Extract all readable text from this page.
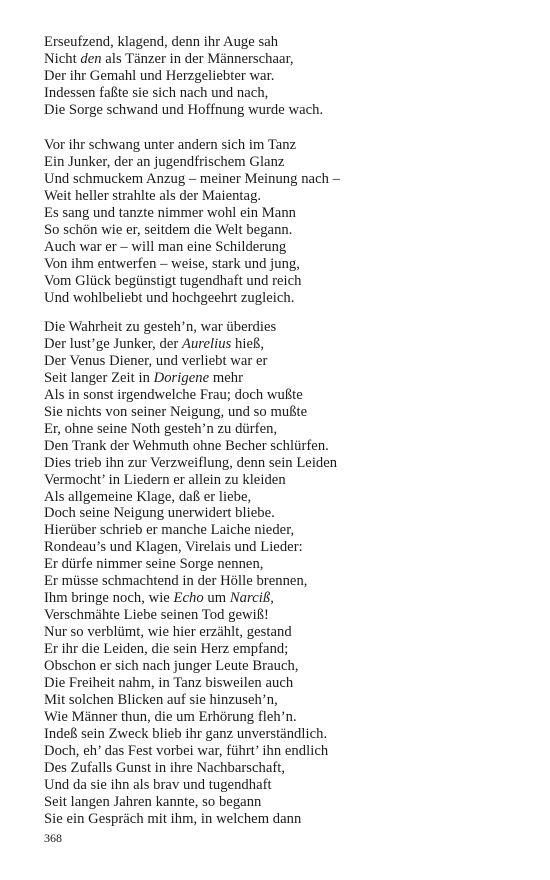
Erseufzend, klagend, denn ihr Auge sah
Nicht den als Tänzer in der Männerschaar,
Der ihr Gemahl und Herzgeliebter war.
Indessen faßte sie sich nach und nach,
Die Sorge schwand und Hoffnung wurde wach.
Vor ihr schwang unter andern sich im Tanz
Ein Junker, der an jugendfrischem Glanz
Und schmuckem Anzug – meiner Meinung nach –
Weit heller strahlte als der Maientag.
Es sang und tanzte nimmer wohl ein Mann
So schön wie er, seitdem die Welt begann.
Auch war er – will man eine Schilderung
Von ihm entwerfen – weise, stark und jung,
Vom Glück begünstigt tugendhaft und reich
Und wohlbeliebt und hochgeehrt zugleich.
Die Wahrheit zu gesteh’n, war überdies
Der lust’ge Junker, der Aurelius hieß,
Der Venus Diener, und verliebt war er
Seit langer Zeit in Dorigene mehr
Als in sonst irgendwelche Frau; doch wußte
Sie nichts von seiner Neigung, und so mußte
Er, ohne seine Noth gesteh’n zu dürfen,
Den Trank der Wehmuth ohne Becher schlürfen.
Dies trieb ihn zur Verzweiflung, denn sein Leiden
Vermocht’ in Liedern er allein zu kleiden
Als allgemeine Klage, daß er liebe,
Doch seine Neigung unerwidert bliebe.
Hierüber schrieb er manche Laiche nieder,
Rondeau’s und Klagen, Virelais und Lieder:
Er dürfe nimmer seine Sorge nennen,
Er müsse schmachtend in der Hölle brennen,
Ihm bringe noch, wie Echo um Narciß,
Verschmähte Liebe seinen Tod gewiß!
Nur so verblümt, wie hier erzählt, gestand
Er ihr die Leiden, die sein Herz empfand;
Obschon er sich nach junger Leute Brauch,
Die Freiheit nahm, in Tanz bisweilen auch
Mit solchen Blicken auf sie hinzuseh’n,
Wie Männer thun, die um Erhörung fleh’n.
Indeß sein Zweck blieb ihr ganz unverständlich.
Doch, eh’ das Fest vorbei war, führt’ ihn endlich
Des Zufalls Gunst in ihre Nachbarschaft,
Und da sie ihn als brav und tugendhaft
Seit langen Jahren kannte, so begann
Sie ein Gespräch mit ihm, in welchem dann
368
